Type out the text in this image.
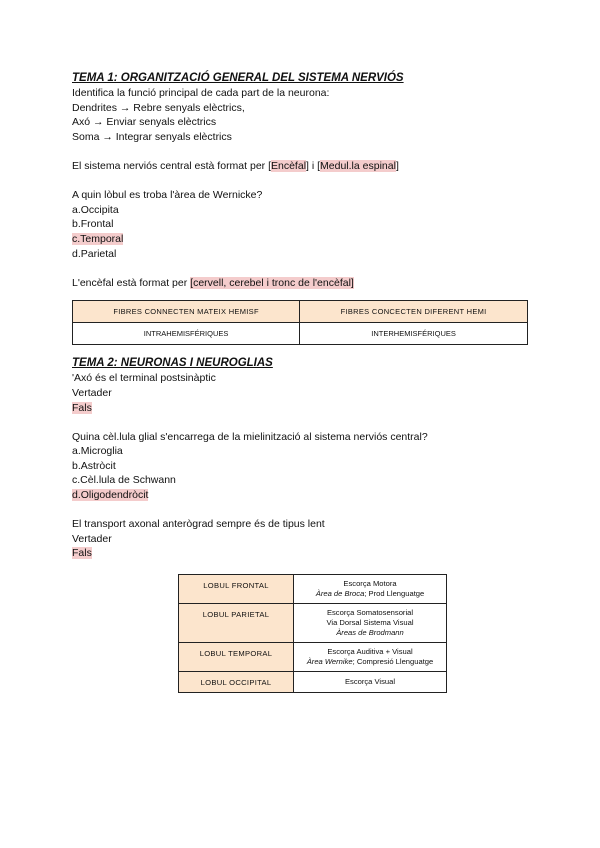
TEMA 1: ORGANITZACIÓ GENERAL DEL SISTEMA NERVIÓS
Identifica la funció principal de cada part de la neurona:
Dendrites → Rebre senyals elèctrics,
Axó → Enviar senyals elèctrics
Soma → Integrar senyals elèctrics
El sistema nerviós central està format per [Encèfal] i [Medul.la espinal]
A quin lòbul es troba l'àrea de Wernicke?
a.Occipita
b.Frontal
c.Temporal
d.Parietal
L'encèfal està format per [cervell, cerebel i tronc de l'encèfal]
FIBRES CONNECTEN MATEIX HEMISF	FIBRES CONCECTEN DIFERENT HEMI
INTRAHEMISFÉRIQUES	INTERHEMISFÉRIQUES
TEMA 2: NEURONAS I NEUROGLIAS
'Axó és el terminal postsinàptic
Vertader
Fals
Quina cèl.lula glial s'encarrega de la mielinització al sistema nerviós central?
a.Microglia
b.Astròcit
c.Cèl.lula de Schwann
d.Oligodendròcit
El transport axonal anterògrad sempre és de tipus lent
Vertader
Fals
LOBUL FRONTAL	Escorça Motora
Àrea de Broca; Prod Llenguatge

LOBUL PARIETAL	Escorça Somatosensorial
Via Dorsal Sistema Visual
Àreas de Brodmann

LOBUL TEMPORAL	Escorça Auditiva + Visual
Àrea Wernike; Compresió Llenguatge

LOBUL OCCIPITAL	Escorça Visual
